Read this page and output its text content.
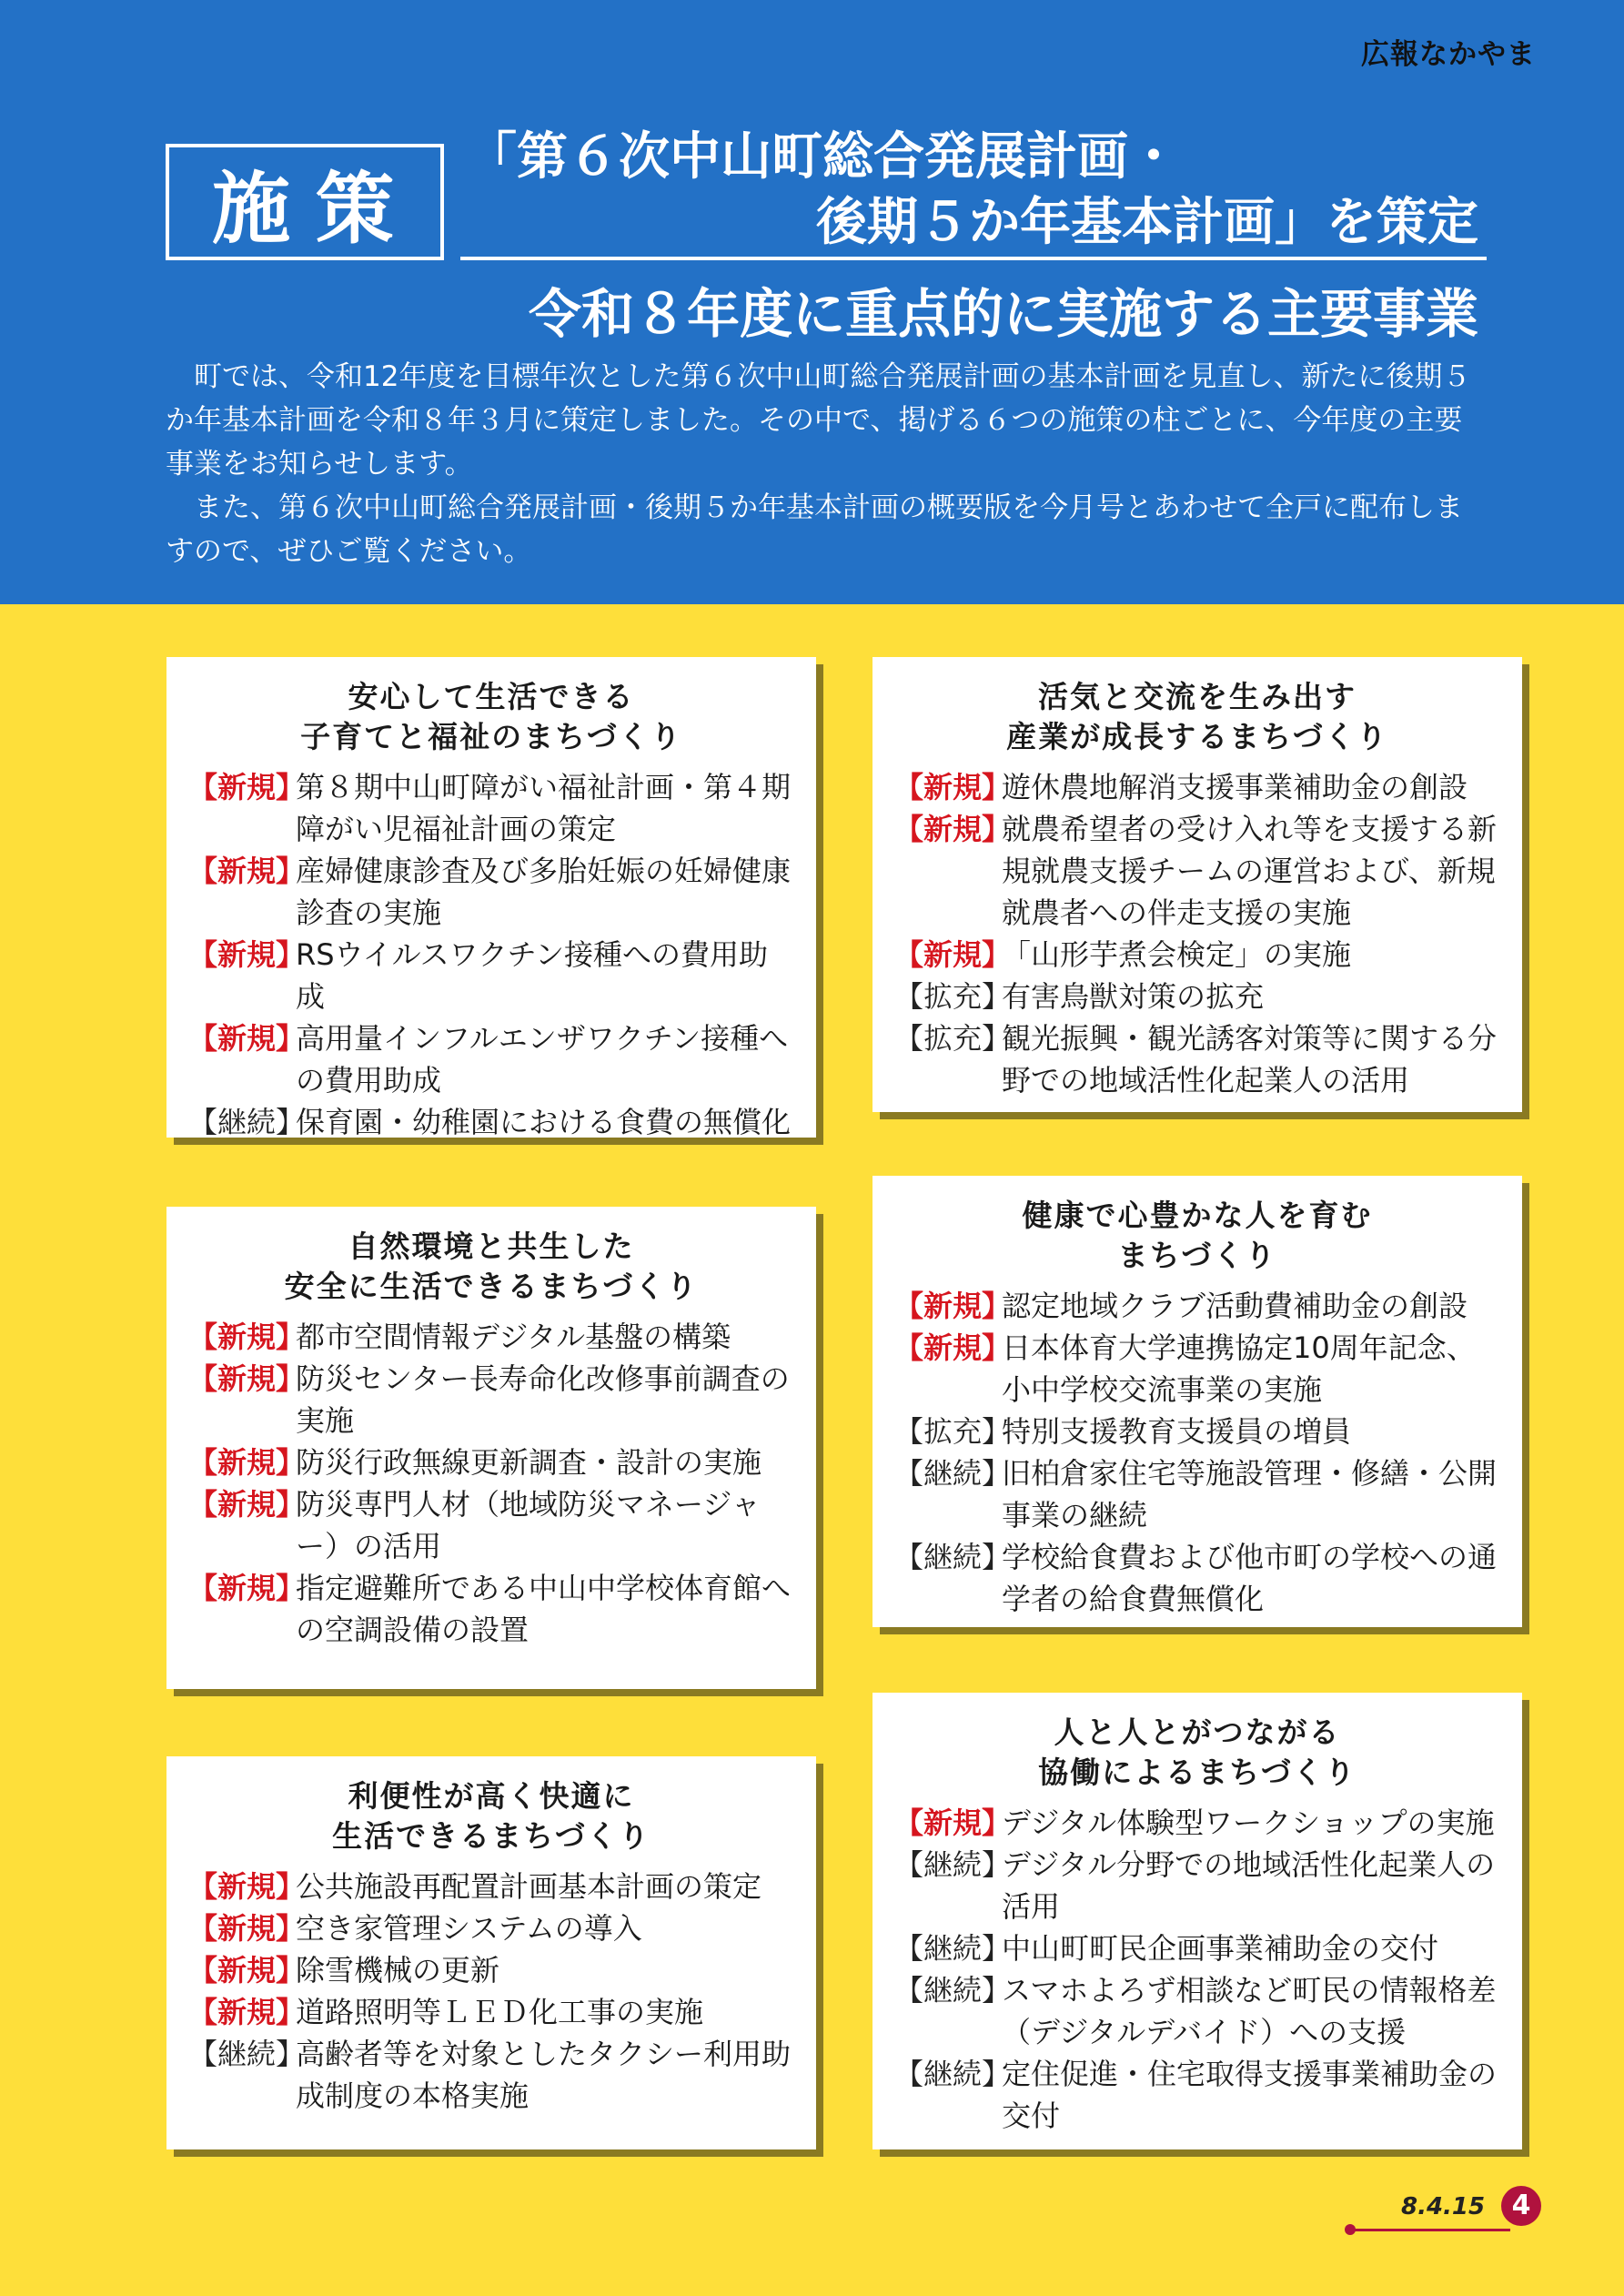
広報なかやま
施策
「第６次中山町総合発展計画・
後期５か年基本計画」を策定
令和８年度に重点的に実施する主要事業

町では、令和12年度を目標年次とした第６次中山町総合発展計画の基本計画を見直し、新たに後期５か年基本計画を令和８年３月に策定しました。その中で、掲げる６つの施策の柱ごとに、今年度の主要事業をお知らせします。

また、第６次中山町総合発展計画・後期５か年基本計画の概要版を今月号とあわせて全戸に配布しますので、ぜひご覧ください。

安心して生活できる
子育てと福祉のまちづくり
【新規】
第８期中山町障がい福祉計画・第４期障がい児福祉計画の策定
【新規】
産婦健康診査及び多胎妊娠の妊婦健康診査の実施
【新規】
RSウイルスワクチン接種への費用助成
【新規】
高用量インフルエンザワクチン接種への費用助成
【継続】
保育園・幼稚園における食費の無償化
活気と交流を生み出す
産業が成長するまちづくり
【新規】
遊休農地解消支援事業補助金の創設
【新規】
就農希望者の受け入れ等を支援する新規就農支援チームの運営および、新規就農者への伴走支援の実施
【新規】
「山形芋煮会検定」の実施
【拡充】
有害鳥獣対策の拡充
【拡充】
観光振興・観光誘客対策等に関する分野での地域活性化起業人の活用
自然環境と共生した
安全に生活できるまちづくり
【新規】
都市空間情報デジタル基盤の構築
【新規】
防災センター長寿命化改修事前調査の実施
【新規】
防災行政無線更新調査・設計の実施
【新規】
防災専門人材（地域防災マネージャー）の活用
【新規】
指定避難所である中山中学校体育館への空調設備の設置
健康で心豊かな人を育む
まちづくり
【新規】
認定地域クラブ活動費補助金の創設
【新規】
日本体育大学連携協定10周年記念、小中学校交流事業の実施
【拡充】
特別支援教育支援員の増員
【継続】
旧柏倉家住宅等施設管理・修繕・公開事業の継続
【継続】
学校給食費および他市町の学校への通学者の給食費無償化
利便性が高く快適に
生活できるまちづくり
【新規】
公共施設再配置計画基本計画の策定
【新規】
空き家管理システムの導入
【新規】
除雪機械の更新
【新規】
道路照明等ＬＥＤ化工事の実施
【継続】
高齢者等を対象としたタクシー利用助成制度の本格実施
人と人とがつながる
協働によるまちづくり
【新規】
デジタル体験型ワークショップの実施
【継続】
デジタル分野での地域活性化起業人の活用
【継続】
中山町町民企画事業補助金の交付
【継続】
スマホよろず相談など町民の情報格差（デジタルデバイド）への支援
【継続】
定住促進・住宅取得支援事業補助金の交付
8.4.15 4
